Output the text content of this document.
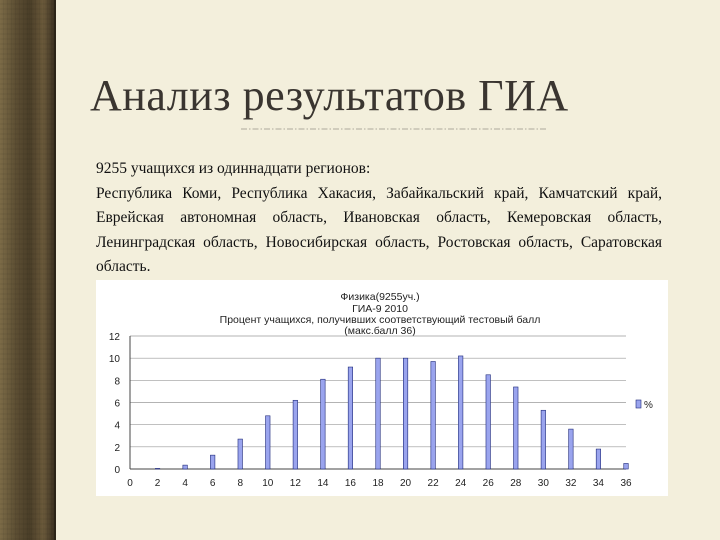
Анализ результатов ГИА
9255 учащихся из одиннадцати регионов:
Республика Коми, Республика Хакасия, Забайкальский край, Камчатский край, Еврейская автономная область, Ивановская область, Кемеровская область, Ленинградская область, Новосибирская область, Ростовская область, Саратовская область.
Физика(9255уч.)
ГИА-9 2010
Процент учащихся, получивших соответствующий тестовый балл
(макс.балл 36)
0
2
4
6
8
10
12
0 2 4 6 8 10 12 14 16 18 20 22 24 26 28 30 32 34 36
%
